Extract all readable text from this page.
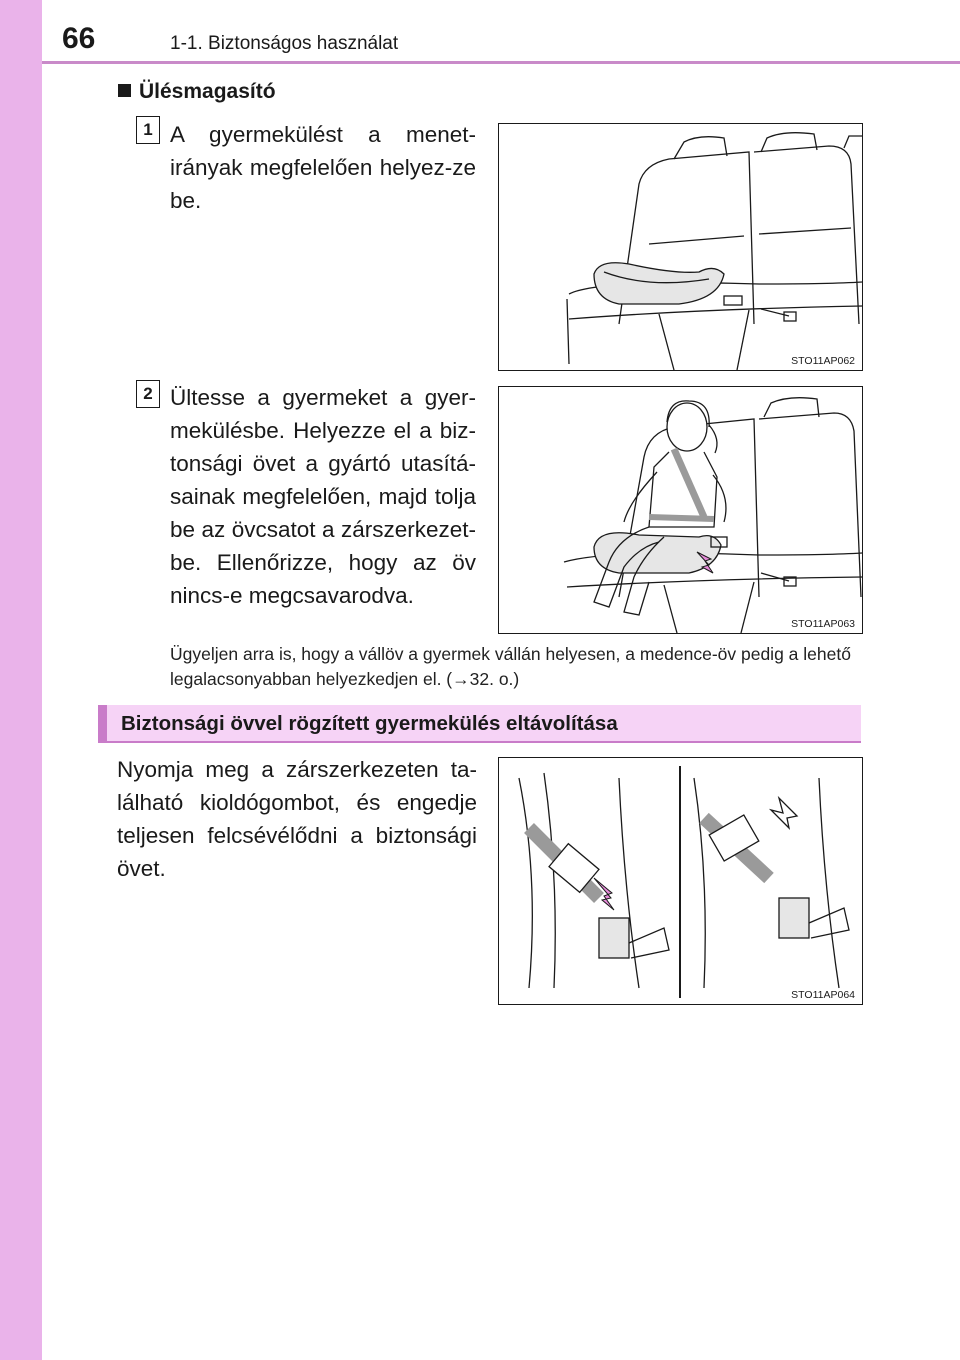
66	1-1. Biztonságos használat
Ülésmagasító
1 A gyermekülést a menet-irányak megfelelően helyez-ze be.
STO11AP062
2 Ültesse a gyermeket a gyer-mekülésbe. Helyezze el a biz-tonsági övet a gyártó utasítá-sainak megfelelően, majd tolja be az övcsatot a zárszerkezet-be. Ellenőrizze, hogy az öv nincs-e megcsavarodva.
STO11AP063
Ügyeljen arra is, hogy a vállöv a gyermek vállán helyesen, a medence-öv pedig a lehető legalacsonyabban helyezkedjen el. (→32. o.)
Biztonsági övvel rögzített gyermekülés eltávolítása
Nyomja meg a zárszerkezeten ta-lálható kioldógombot, és engedje teljesen felcsévélődni a biztonsági övet.
STO11AP064
